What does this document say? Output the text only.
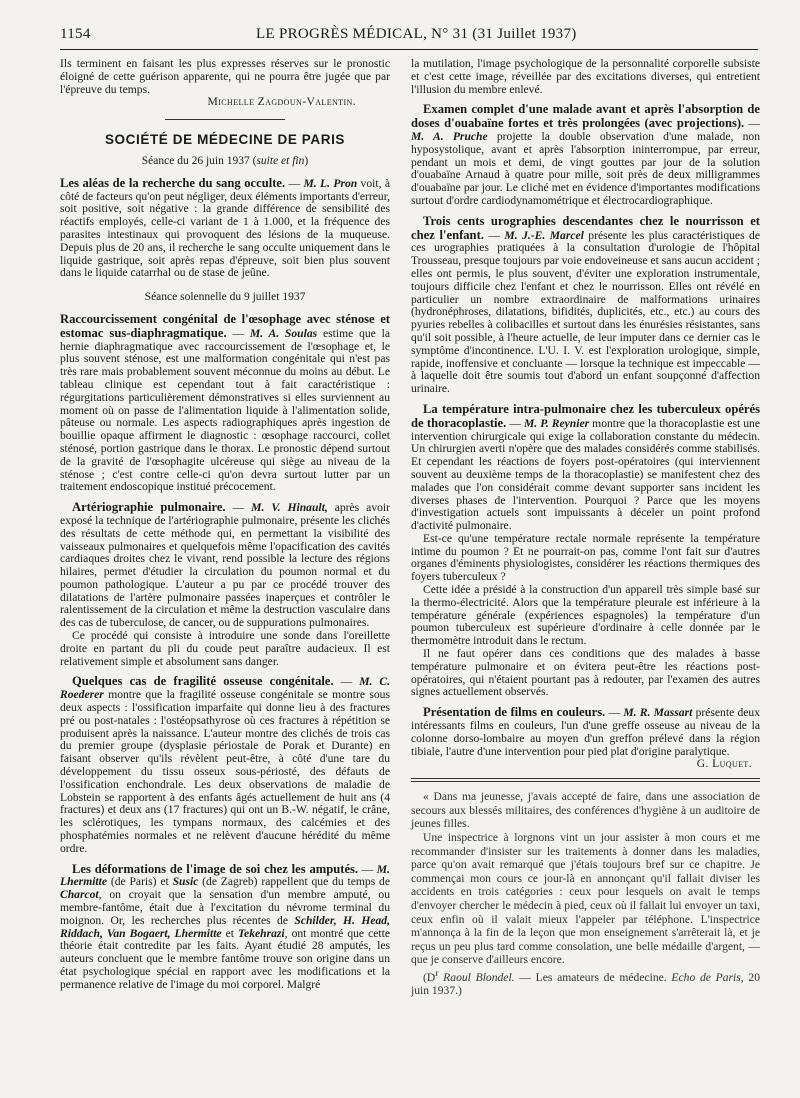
1154	LE PROGRÈS MÉDICAL, N° 31 (31 Juillet 1937)

Ils terminent en faisant les plus expresses réserves sur le pronostic éloigné de cette guérison apparente, qui ne pourra être jugée que par l'épreuve du temps.

Michelle Zagdoun-Valentin.

SOCIÉTÉ DE MÉDECINE DE PARIS
Séance du 26 juin 1937 (suite et fin)

Les aléas de la recherche du sang occulte. — M. L. Pron voit, à côté de facteurs qu'on peut négliger, deux éléments importants d'erreur, soit positive, soit négative : la grande différence de sensibilité des réactifs employés, celle-ci variant de 1 à 1.000, et la fréquence des parasites intestinaux qui provoquent des lésions de la muqueuse. Depuis plus de 20 ans, il recherche le sang occulte uniquement dans le liquide gastrique, soit après repas d'épreuve, soit bien plus souvent dans le liquide catarrhal ou de stase de jeûne.

Séance solennelle du 9 juillet 1937

Raccourcissement congénital de l'œsophage avec sténose et estomac sus-diaphragmatique. — M. A. Soulas estime que la hernie diaphragmatique avec raccourcissement de l'œsophage et, le plus souvent sténose, est une malformation congénitale qui n'est pas très rare mais probablement souvent méconnue du moins au début. Le tableau clinique est cependant tout à fait caractéristique : régurgitations particulièrement démonstratives si elles surviennent au moment où on passe de l'alimentation liquide à l'alimentation solide, pâteuse ou normale. Les aspects radiographiques après ingestion de bouillie opaque affirment le diagnostic : œsophage raccourci, collet sténosé, portion gastrique dans le thorax. Le pronostic dépend surtout de la gravité de l'œsophagite ulcéreuse qui siège au niveau de la sténose ; c'est contre celle-ci qu'on devra surtout lutter par un traitement endoscopique institué précocement.

Artériographie pulmonaire. — M. V. Hinault, après avoir exposé la technique de l'artériographie pulmonaire, présente les clichés des résultats de cette méthode qui, en permettant la visibilité des vaisseaux pulmonaires et quelquefois même l'opacification des cavités cardiaques droites chez le vivant, rend possible la lecture des régions hilaires, permet d'étudier la circulation du poumon normal et du poumon pathologique. L'auteur a pu par ce procédé trouver des dilatations de l'artère pulmonaire passées inaperçues et contrôler le ralentissement de la circulation et même la destruction vasculaire dans des cas de tuberculose, de cancer, ou de suppurations pulmonaires.

Ce procédé qui consiste à introduire une sonde dans l'oreillette droite en partant du pli du coude peut paraître audacieux. Il est relativement simple et absolument sans danger.

Quelques cas de fragilité osseuse congénitale. — M. C. Roederer montre que la fragilité osseuse congénitale se montre sous deux aspects : l'ossification imparfaite qui donne lieu à des fractures pré ou post-natales : l'ostéopsathyrose où ces fractures à répétition se produisent après la naissance. L'auteur montre des clichés de trois cas du premier groupe (dysplasie périostale de Porak et Durante) en faisant observer qu'ils révèlent peut-être, à côté d'une tare du développement du tissu osseux sous-périosté, des défauts de l'ossification enchondrale. Les deux observations de maladie de Lobstein se rapportent à des enfants âgés actuellement de huit ans (4 fractures) et deux ans (17 fractures) qui ont un B.-W. négatif, le crâne, les sclérotiques, les tympans normaux, des calcémies et des phosphatémies normales et ne relèvent d'aucune hérédité du même ordre.

Les déformations de l'image de soi chez les amputés. — M. Lhermitte (de Paris) et Susic (de Zagreb) rappellent que du temps de Charcot, on croyait que la sensation d'un membre amputé, ou membre-fantôme, était due à l'excitation du névrome terminal du moignon. Or, les recherches plus récentes de Schilder, H. Head, Riddach, Van Bogaert, Lhermitte et Tekehrazi, ont montré que cette théorie était contredite par les faits. Ayant étudié 28 amputés, les auteurs concluent que le membre fantôme trouve son origine dans un état psychologique spécial en rapport avec les modifications et la permanence relative de l'image du moi corporel. Malgré

la mutilation, l'image psychologique de la personnalité corporelle subsiste et c'est cette image, réveillée par des excitations diverses, qui entretient l'illusion du membre enlevé.

Examen complet d'une malade avant et après l'absorption de doses d'ouabaïne fortes et très prolongées (avec projections). — M. A. Pruche projette la double observation d'une malade, non hyposystolique, avant et après l'absorption ininterrompue, par erreur, pendant un mois et demi, de vingt gouttes par jour de la solution d'ouabaïne Arnaud à quatre pour mille, soit près de deux milligrammes d'ouabaïne par jour. Le cliché met en évidence d'importantes modifications surtout d'ordre cardiodynamométrique et électrocardiographique.

Trois cents urographies descendantes chez le nourrisson et chez l'enfant. — M. J.-E. Marcel présente les plus caractéristiques de ces urographies pratiquées à la consultation d'urologie de l'hôpital Trousseau, presque toujours par voie endoveineuse et sans aucun accident ; elles ont permis, le plus souvent, d'éviter une exploration instrumentale, toujours difficile chez l'enfant et chez le nourrisson. Elles ont révélé en particulier un nombre extraordinaire de malformations urinaires (hydronéphroses, dilatations, bifidités, duplicités, etc., etc.) au cours des pyuries rebelles à colibacilles et surtout dans les énurésies résistantes, sans qu'il soit possible, à l'heure actuelle, de leur imputer dans ce dernier cas le symptôme d'incontinence. L'U. I. V. est l'exploration urologique, simple, rapide, inoffensive et concluante — lorsque la technique est impeccable — à laquelle doit être soumis tout d'abord un enfant soupçonné d'affection urinaire.

La température intra-pulmonaire chez les tuberculeux opérés de thoracoplastie. — M. P. Reynier montre que la thoracoplastie est une intervention chirurgicale qui exige la collaboration constante du médecin. Un chirurgien averti n'opère que des malades considérés comme stabilisés. Et cependant les réactions de foyers post-opératoires (qui interviennent souvent au deuxième temps de la thoracoplastie) se manifestent chez des malades que l'on considérait comme devant supporter sans incident les diverses phases de l'intervention. Pourquoi ? Parce que les moyens d'investigation actuels sont impuissants à déceler un point profond d'activité pulmonaire.

Est-ce qu'une température rectale normale représente la température intime du poumon ? Et ne pourrait-on pas, comme l'ont fait sur d'autres organes d'éminents physiologistes, considérer les réactions thermiques des foyers tuberculeux ?

Cette idée a présidé à la construction d'un appareil très simple basé sur la thermo-électricité. Alors que la température pleurale est inférieure à la température générale (expériences espagnoles) la température d'un poumon tuberculeux est supérieure d'ordinaire à celle donnée par le thermomètre introduit dans le rectum.

Il ne faut opérer dans ces conditions que des malades à basse température pulmonaire et on évitera peut-être les réactions post-opératoires, qui n'étaient pourtant pas à redouter, par l'examen des autres signes actuellement observés.

Présentation de films en couleurs. — M. R. Massart présente deux intéressants films en couleurs, l'un d'une greffe osseuse au niveau de la colonne dorso-lombaire au moyen d'un greffon prélevé dans la région tibiale, l'autre d'une intervention pour pied plat d'origine paralytique.

G. Luquet.

« Dans ma jeunesse, j'avais accepté de faire, dans une association de secours aux blessés militaires, des conférences d'hygiène à un auditoire de jeunes filles.

Une inspectrice à lorgnons vint un jour assister à mon cours et me recommander d'insister sur les traitements à donner dans les maladies, parce qu'on avait remarqué que j'étais toujours bref sur ce chapitre. Je commençai mon cours ce jour-là en annonçant qu'il fallait diviser les accidents en trois catégories : ceux pour lesquels on avait le temps d'envoyer chercher le médecin à pied, ceux où il fallait lui envoyer un taxi, ceux enfin où il valait mieux l'appeler par téléphone. L'inspectrice m'annonça à la fin de la leçon que mon enseignement s'arrêterait là, et je reçus un peu plus tard comme consolation, une belle médaille d'argent, — que je conserve d'ailleurs encore.

($D^r$ Raoul Blondel. — Les amateurs de médecine. Echo de Paris, 20 juin 1937.)
